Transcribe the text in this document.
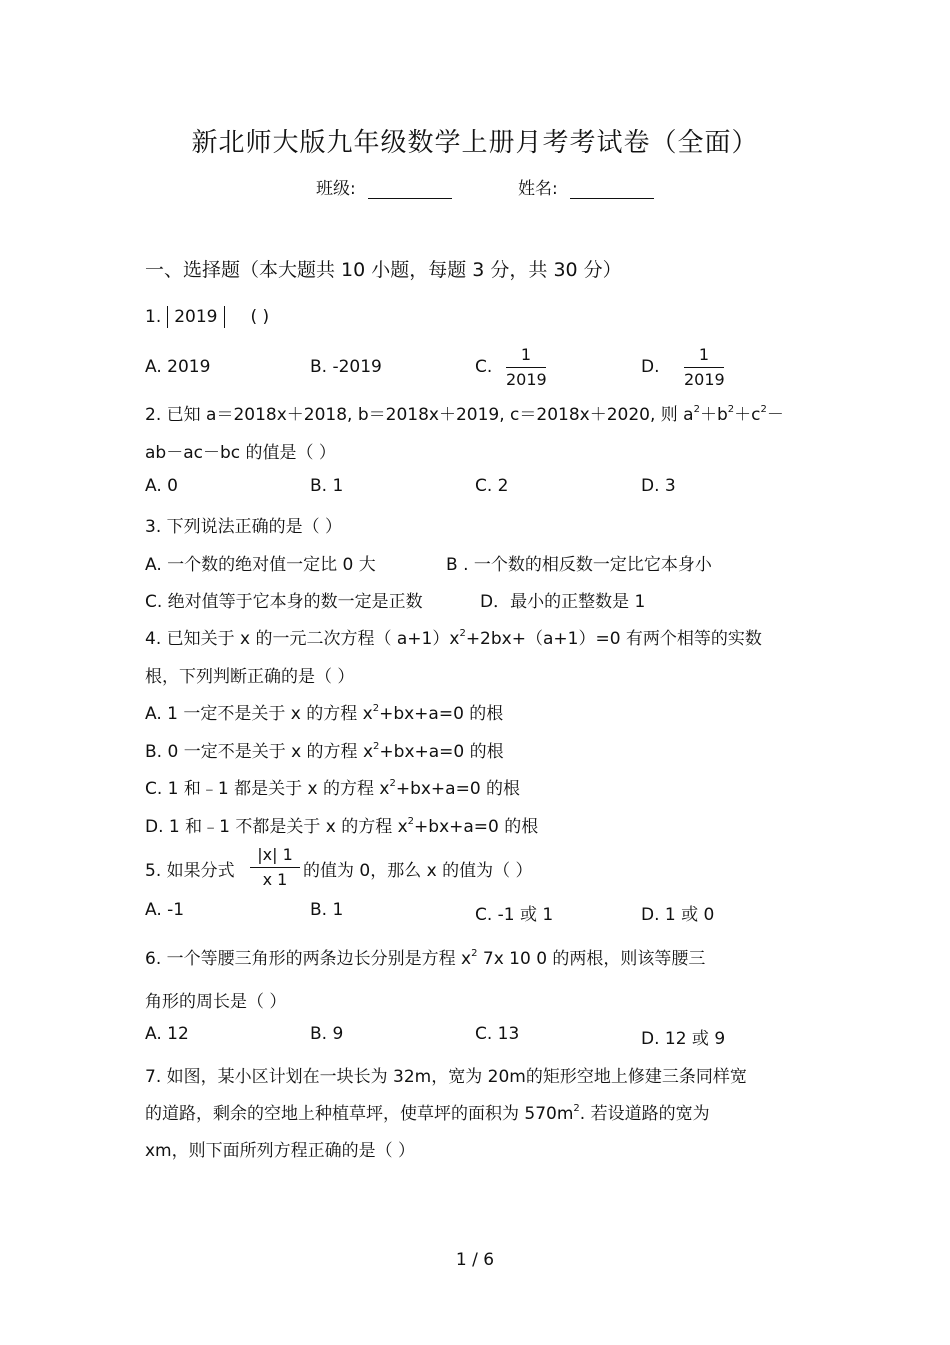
新北师大版九年级数学上册月考考试卷（全面）
班级:	姓名:
一、选择题（本大题共 10 小题，每题 3 分，共 30 分）
1. 2019 ( )
A. 2019	B. -2019	C.
1
2019
D.
1
2019
2. 已知 a＝2018x＋2018, b＝2018x＋2019, c＝2018x＋2020, 则 $a^2+b^2+c^2-$
ab－ac－bc 的值是（ ）
A. 0	B. 1	C. 2	D. 3
3. 下列说法正确的是（ ）
A. 一个数的绝对值一定比 0 大	B . 一个数的相反数一定比它本身小
C. 绝对值等于它本身的数一定是正数	D．最小的正整数是 1
4. 已知关于 x 的一元二次方程（ $a+1)x^2+2bx+(a+1)=0$ 有两个相等的实数
根，下列判断正确的是（ ）
A. 1 一定不是关于 x 的方程 $x^2+bx+a=0$ 的根
B. 0 一定不是关于 x 的方程 $x^2+bx+a=0$ 的根
C. 1 和﹣1 都是关于 x 的方程 $x^2+bx+a=0$ 的根
D. 1 和﹣1 不都是关于 x 的方程 $x^2+bx+a=0$ 的根
5. 如果分式
|x| 1
x 1 的值为 0，那么 x 的值为（ ）
A. -1	B. 1	C. -1 或 1	D. 1 或 0
6. 一个等腰三角形的两条边长分别是方程 $x^2$ 7x 10 0 的两根，则该等腰三
角形的周长是（ ）
A. 12	B. 9	C. 13	D. 12 或 9
7. 如图，某小区计划在一块长为 32m，宽为 20m的矩形空地上修建三条同样宽
的道路，剩余的空地上种植草坪，使草坪的面积为 $570m^2$. 若设道路的宽为
xm，则下面所列方程正确的是（ ）
1 / 6
